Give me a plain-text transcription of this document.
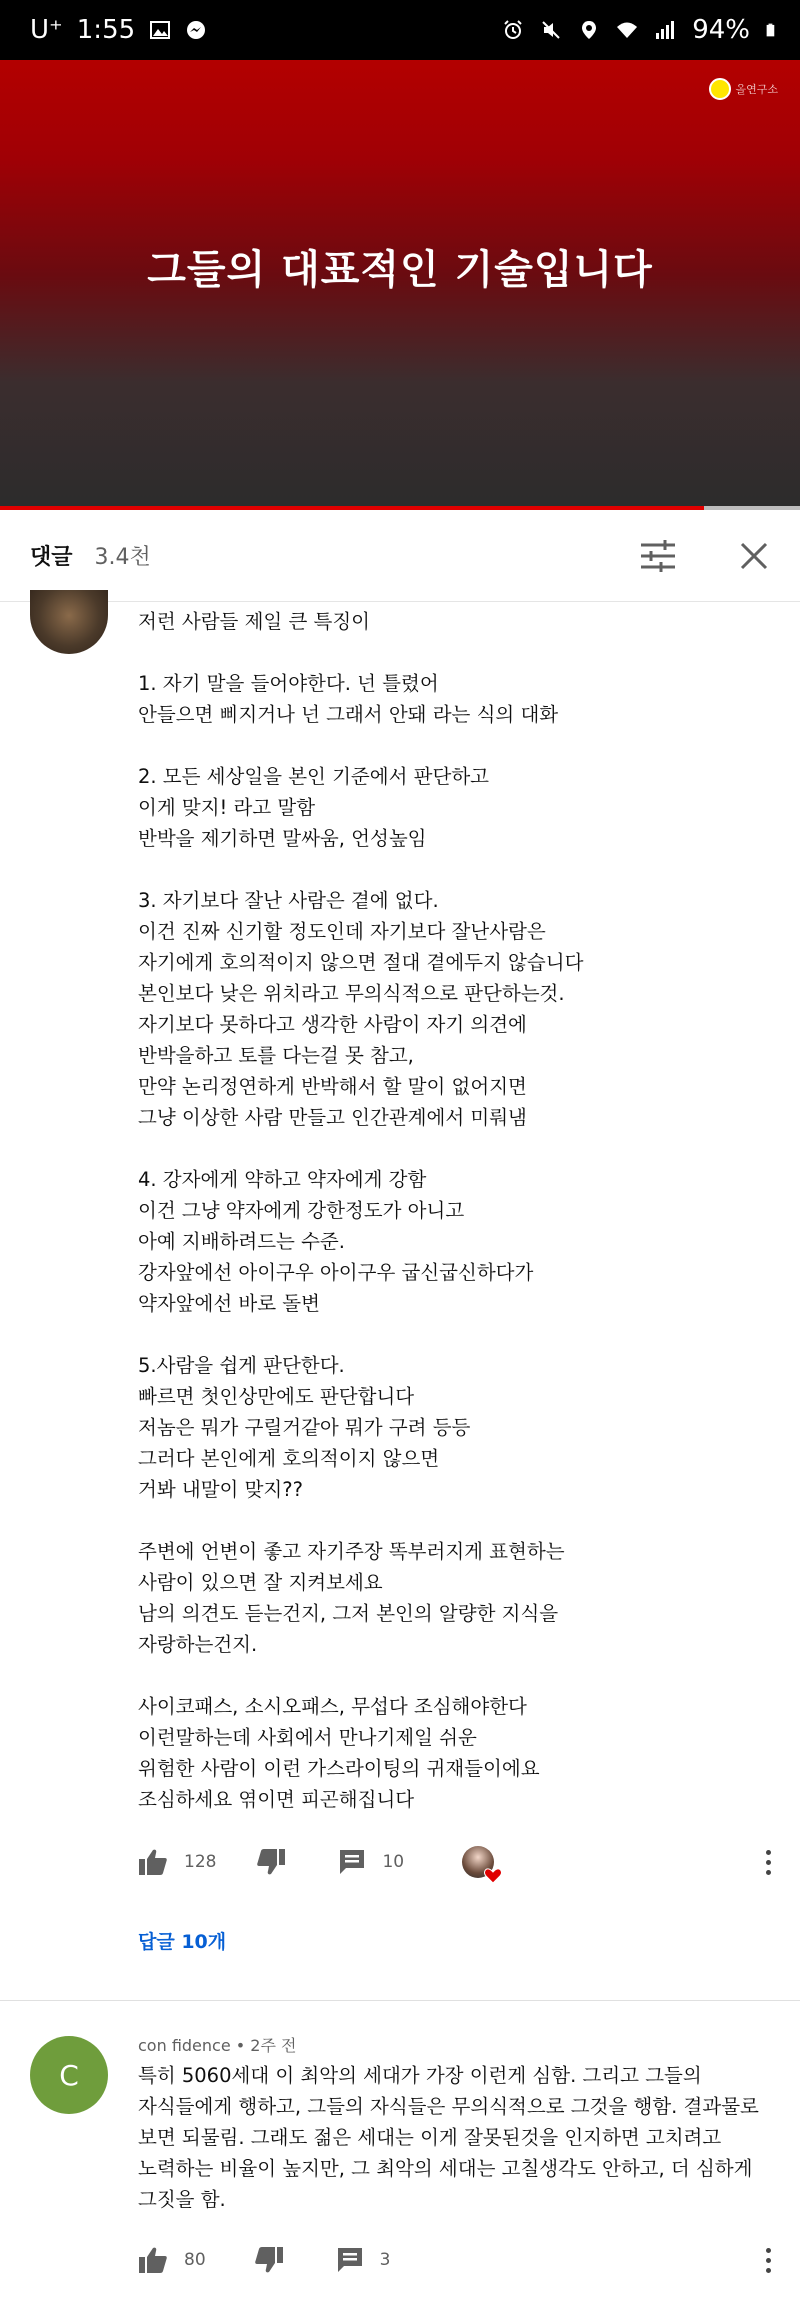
U⁺ 1:55	94%
올연구소
그들의 대표적인 기술입니다
댓글 3.4천
저런 사람들 제일 큰 특징이

1. 자기 말을 들어야한다. 넌 틀렸어
안들으면 삐지거나 넌 그래서 안돼 라는 식의 대화

2. 모든 세상일을 본인 기준에서 판단하고
이게 맞지! 라고 말함
반박을 제기하면 말싸움, 언성높임

3. 자기보다 잘난 사람은 곁에 없다.
이건 진짜 신기할 정도인데 자기보다 잘난사람은
자기에게 호의적이지 않으면 절대 곁에두지 않습니다
본인보다 낮은 위치라고 무의식적으로 판단하는것.
자기보다 못하다고 생각한 사람이 자기 의견에
반박을하고 토를 다는걸 못 참고,
만약 논리정연하게 반박해서 할 말이 없어지면
그냥 이상한 사람 만들고 인간관계에서 미뤄냄

4. 강자에게 약하고 약자에게 강함
이건 그냥 약자에게 강한정도가 아니고
아예 지배하려드는 수준.
강자앞에선 아이구우 아이구우 굽신굽신하다가
약자앞에선 바로 돌변

5.사람을 쉽게 판단한다.
빠르면 첫인상만에도 판단합니다
저놈은 뭐가 구릴거같아 뭐가 구려 등등
그러다 본인에게 호의적이지 않으면
거봐 내말이 맞지??

주변에 언변이 좋고 자기주장 똑부러지게 표현하는
사람이 있으면 잘 지켜보세요
남의 의견도 듣는건지, 그저 본인의 알량한 지식을
자랑하는건지.

사이코패스, 소시오패스, 무섭다 조심해야한다
이런말하는데 사회에서 만나기제일 쉬운
위험한 사람이 이런 가스라이팅의 귀재들이에요
조심하세요 엮이면 피곤해집니다
128	10
답글 10개
C
con fidence • 2주 전
특히 5060세대 이 최악의 세대가 가장 이런게 심함. 그리고 그들의
자식들에게 행하고, 그들의 자식들은 무의식적으로 그것을 행함. 결과물로
보면 되물림. 그래도 젊은 세대는 이게 잘못된것을 인지하면 고치려고
노력하는 비율이 높지만, 그 최악의 세대는 고칠생각도 안하고, 더 심하게
그짓을 함.
80	3
